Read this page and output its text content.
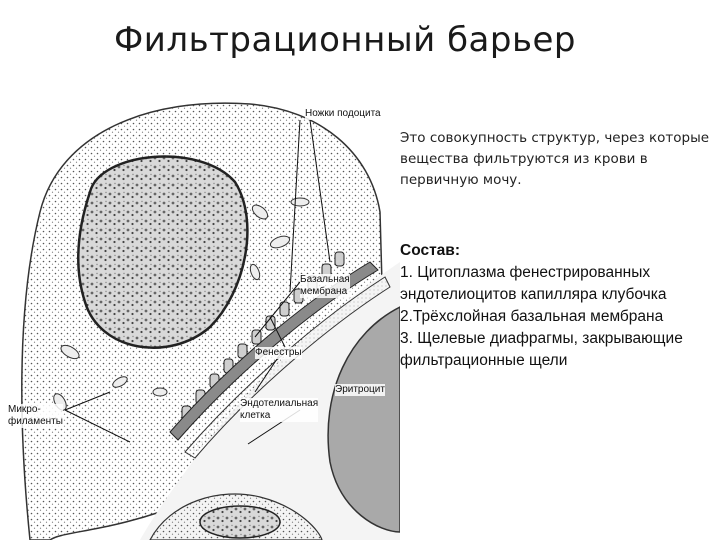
Фильтрационный барьер
Ножки подоцита
Базальная
мембрана
Фенестры
Эритроцит
Эндотелиальная
клетка
Микро-
филаменты
Это совокупность структур, через которые вещества фильтруются из крови в первичную мочу.
Состав:
1. Цитоплазма фенестрированных эндотелиоцитов капилляра клубочка
2.Трёхслойная базальная мембрана
3. Щелевые диафрагмы, закрывающие фильтрационные щели
